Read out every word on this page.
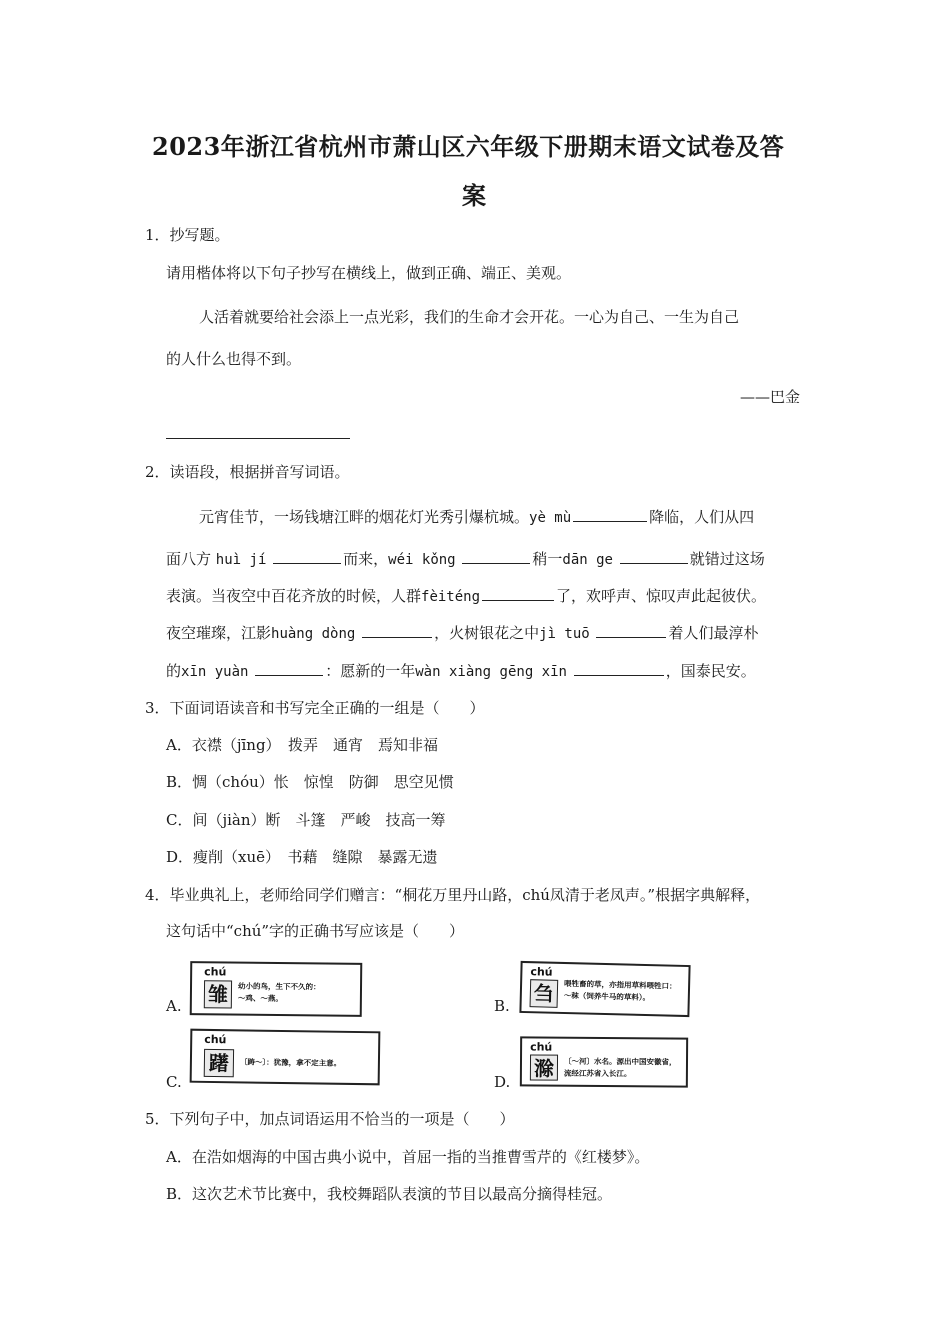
2023年浙江省杭州市萧山区六年级下册期末语文试卷及答
案
1．抄写题。
请用楷体将以下句子抄写在横线上，做到正确、端正、美观。
人活着就要给社会添上一点光彩，我们的生命才会开花。一心为自己、一生为自己
的人什么也得不到。
——巴金
2．读语段，根据拼音写词语。
元宵佳节，一场钱塘江畔的烟花灯光秀引爆杭城。yè mù	降临，人们从四
面八方 huì jí	而来，wéi kǒng	稍一dān ge	就错过这场
表演。当夜空中百花齐放的时候，人群fèiténg	了，欢呼声、惊叹声此起彼伏。
夜空璀璨，江影huàng dòng	，火树银花之中jì tuō	着人们最淳朴
的xīn yuàn	：愿新的一年wàn xiàng gēng xīn	，国泰民安。
3．下面词语读音和书写完全正确的一组是（　　）
A．衣襟（jīng）　拨弄　通宵　焉知非福
B．惆（chóu）怅　惊惶　防御　思空见惯
C．间（jiàn）断　斗篷　严峻　技高一筹
D．瘦削（xuē）　书藉　缝隙　暴露无遗
4．毕业典礼上，老师给同学们赠言：“桐花万里丹山路，chú凤清于老凤声。”根据字典解释，
这句话中“chú”字的正确书写应该是（　　）
A.
chú
雏	幼小的鸟，生下不久的：
～鸡、～燕。	B.
chú
刍	喂牲畜的草，亦指用草料喂牲口：
～秣（饲养牛马的草料）。
C.
chú
躇	〔踌～〕：犹豫，拿不定主意。
D.
chú
滁	〔～河〕水名。源出中国安徽省，
流经江苏省入长江。
5．下列句子中，加点词语运用不恰当的一项是（　　）
A．在浩如烟海的中国古典小说中，首屈一指的当推曹雪芹的《红楼梦》。
B．这次艺术节比赛中，我校舞蹈队表演的节目以最高分摘得桂冠。
